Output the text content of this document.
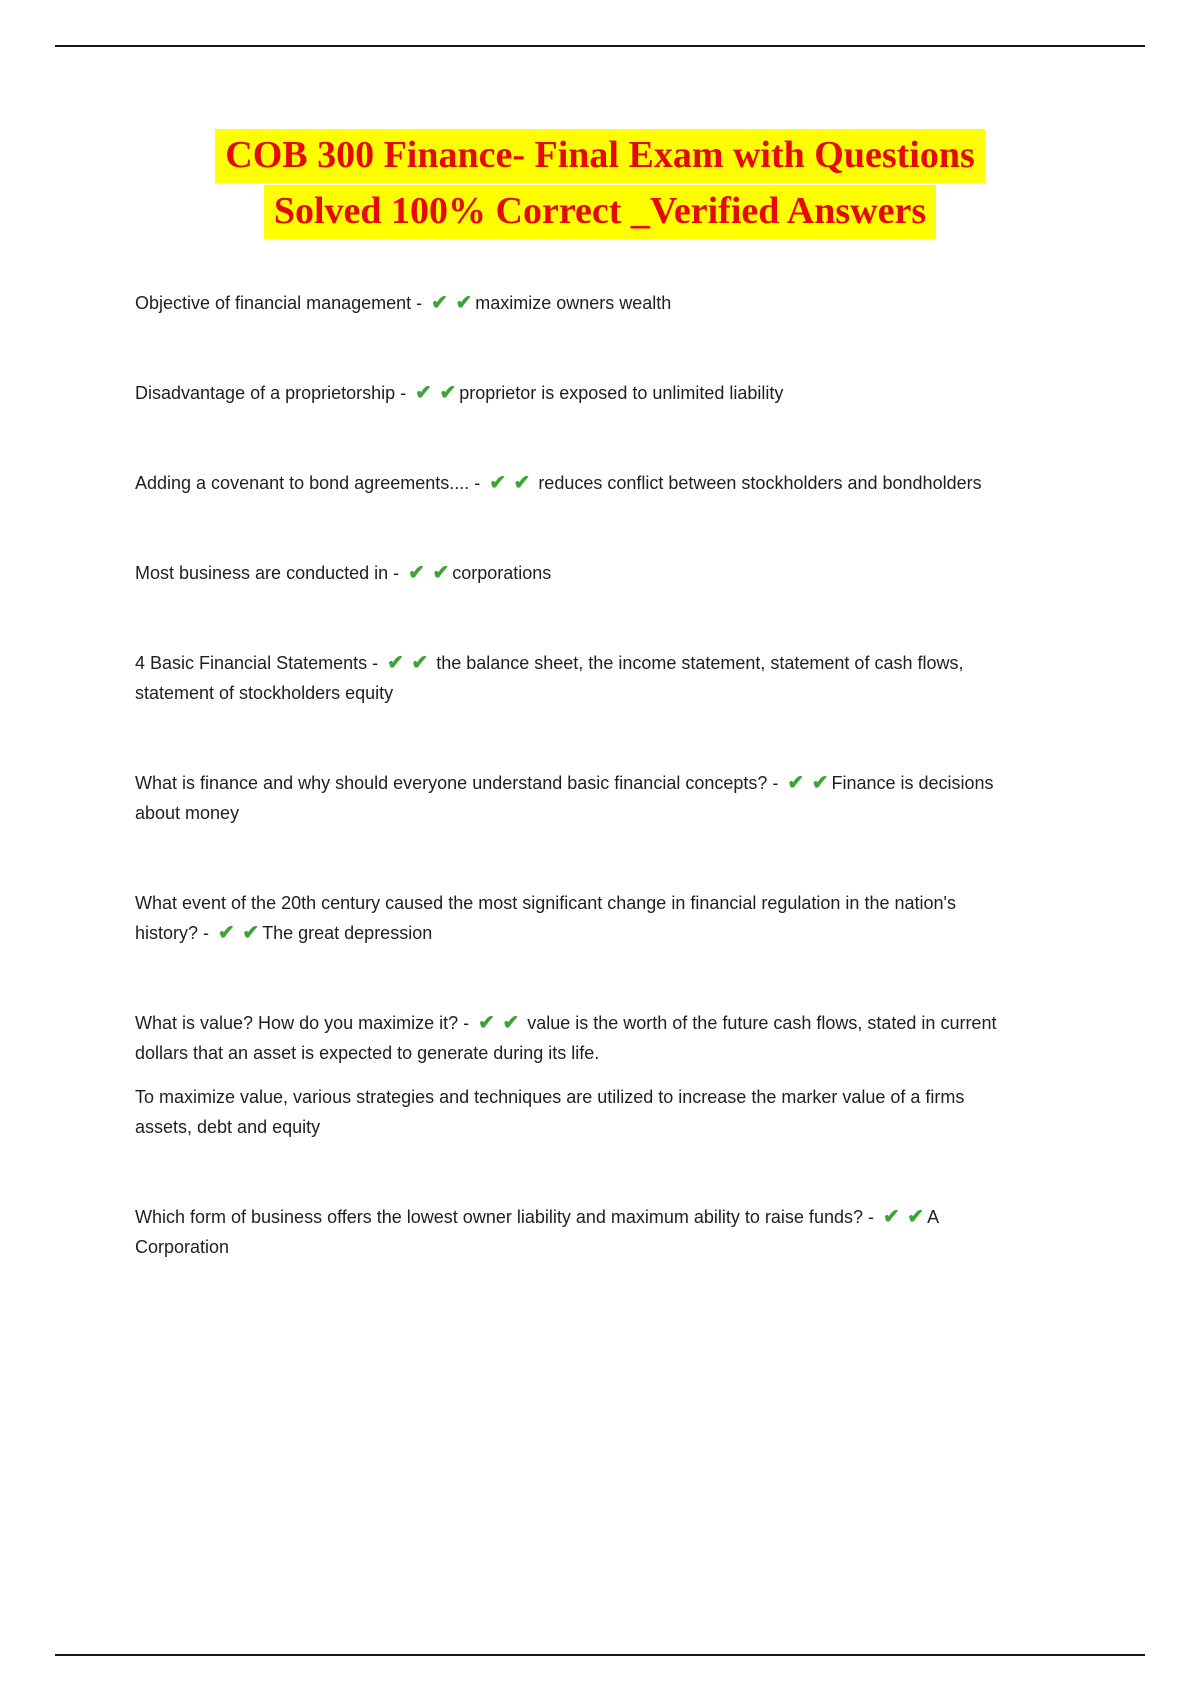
COB 300 Finance- Final Exam with Questions
Solved 100% Correct _Verified Answers

Objective of financial management - ✔ ✔ maximize owners wealth

Disadvantage of a proprietorship - ✔ ✔ proprietor is exposed to unlimited liability

Adding a covenant to bond agreements.... - ✔ ✔ reduces conflict between stockholders and bondholders

Most business are conducted in - ✔ ✔ corporations

4 Basic Financial Statements - ✔ ✔ the balance sheet, the income statement, statement of cash flows, statement of stockholders equity

What is finance and why should everyone understand basic financial concepts? - ✔ ✔ Finance is decisions about money

What event of the 20th century caused the most significant change in financial regulation in the nation's history? - ✔ ✔ The great depression

What is value? How do you maximize it? - ✔ ✔ value is the worth of the future cash flows, stated in current dollars that an asset is expected to generate during its life.

To maximize value, various strategies and techniques are utilized to increase the marker value of a firms assets, debt and equity

Which form of business offers the lowest owner liability and maximum ability to raise funds? - ✔ ✔ A Corporation
